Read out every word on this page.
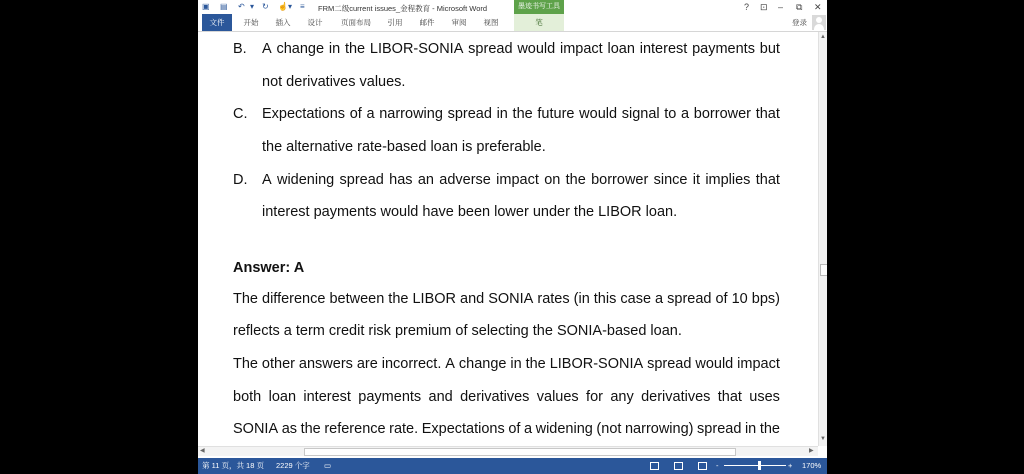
▣ ▤ ↶ ▾ ↻ ☝ ▾ ≡ FRM二级current issues_金程教育 - Microsoft Word	墨迹书写工具	? ⊡ – ⧉ ✕
文件	开始	插入	设计	页面布局	引用	邮件	审阅	视图	笔	登录
B. A change in the LIBOR-SONIA spread would impact loan interest payments but
not derivatives values.
C. Expectations of a narrowing spread in the future would signal to a borrower that
the alternative rate-based loan is preferable.
D. A widening spread has an adverse impact on the borrower since it implies that
interest payments would have been lower under the LIBOR loan.
Answer: A
The difference between the LIBOR and SONIA rates (in this case a spread of 10 bps)
reflects a term credit risk premium of selecting the SONIA-based loan.
The other answers are incorrect. A change in the LIBOR-SONIA spread would impact
both loan interest payments and derivatives values for any derivatives that uses
SONIA as the reference rate. Expectations of a widening (not narrowing) spread in the
▲
▼
◀	▶
第 11 页，共 18 页 2229 个字 ▭	-	+ 170%
